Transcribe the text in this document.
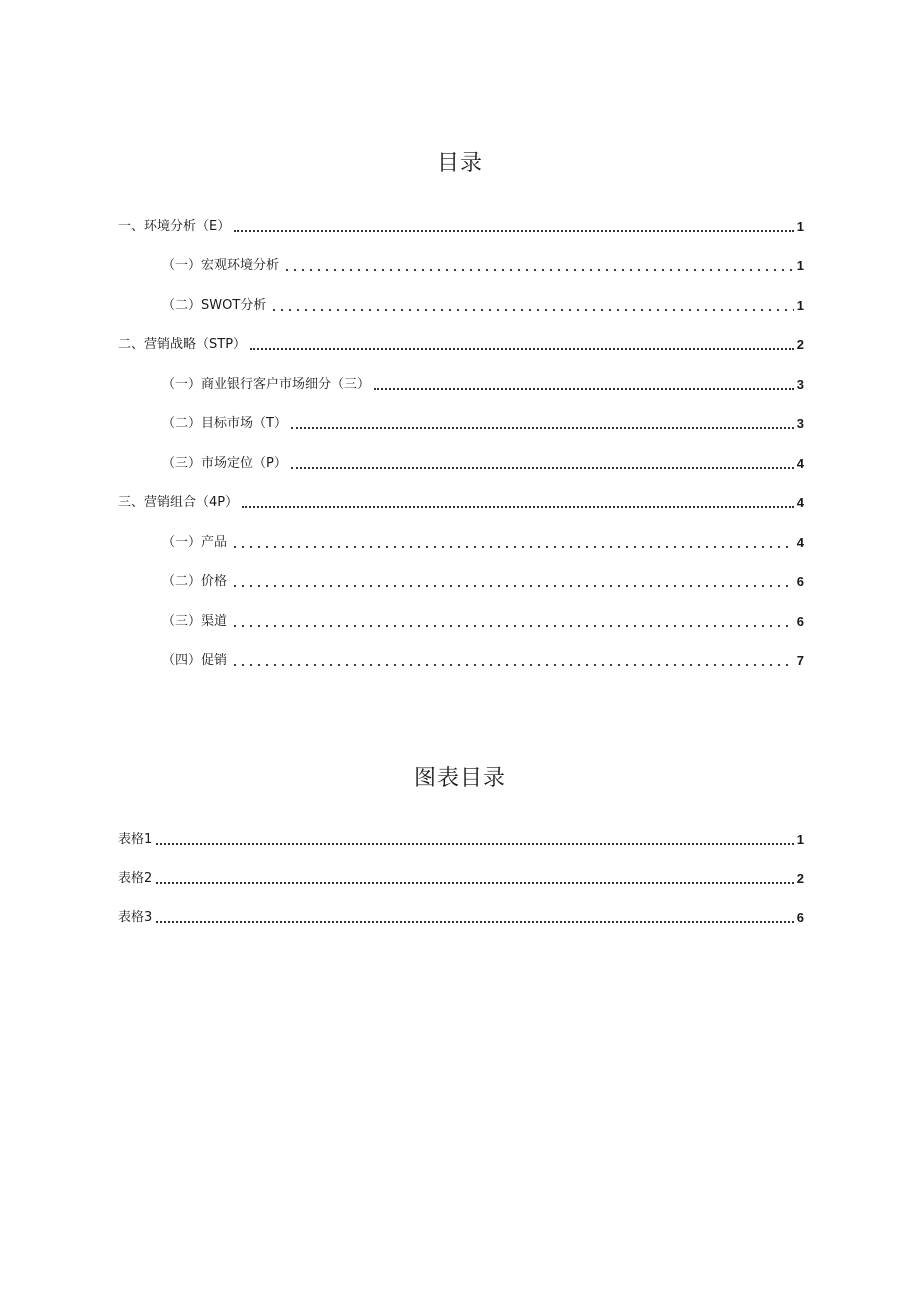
目录
一、环境分析（E）	1
（一）宏观环境分析	1
（二）SWOT分析	1
二、营销战略（STP）	2
（一）商业银行客户市场细分（三）	3
（二）目标市场（T）	3
（三）市场定位（P）	4
三、营销组合（4P）	4
（一）产品	4
（二）价格	6
（三）渠道	6
（四）促销	7
图表目录
表格1	1
表格2	2
表格3	6
